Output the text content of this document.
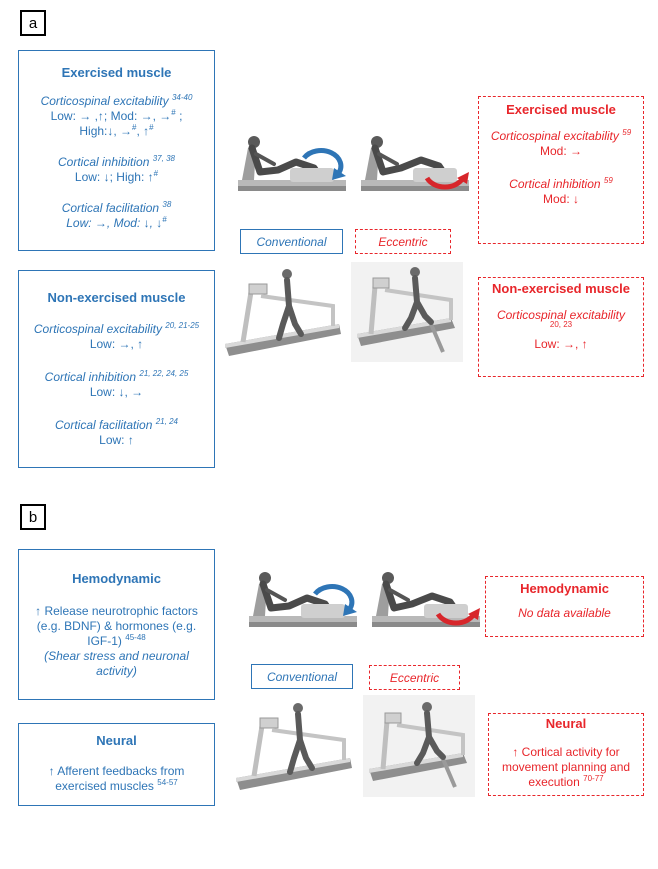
a
Exercised muscle
Corticospinal excitability $^{34-40}$
Low: → ,↑; Mod: →, →# ;
High:↓, →#, ↑#
Cortical inhibition $^{37, 38}$
Low: ↓; High: ↑#
Cortical facilitation $^{38}$
Low: →, Mod: ↓, ↓#
Non-exercised muscle
Corticospinal excitability $^{20, 21-25}$
Low: →, ↑
Cortical inhibition $^{21, 22, 24, 25}$
Low: ↓, →
Cortical facilitation $^{21, 24}$
Low: ↑
Exercised muscle
Corticospinal excitability $^{59}$
Mod: →
Cortical inhibition $^{59}$
Mod: ↓
Non-exercised muscle
Corticospinal excitability
$^{20, 23}$
Low: →, ↑
Conventional	Eccentric
b
Hemodynamic
↑ Release neurotrophic factors
(e.g. BDNF) & hormones (e.g.
IGF-1) $^{45-48}$
(Shear stress and neuronal
activity)
Neural
↑ Afferent feedbacks from
exercised muscles $^{54-57}$
Hemodynamic
No data available
Neural
↑ Cortical activity for
movement planning and
execution $^{70-77}$
Conventional	Eccentric
